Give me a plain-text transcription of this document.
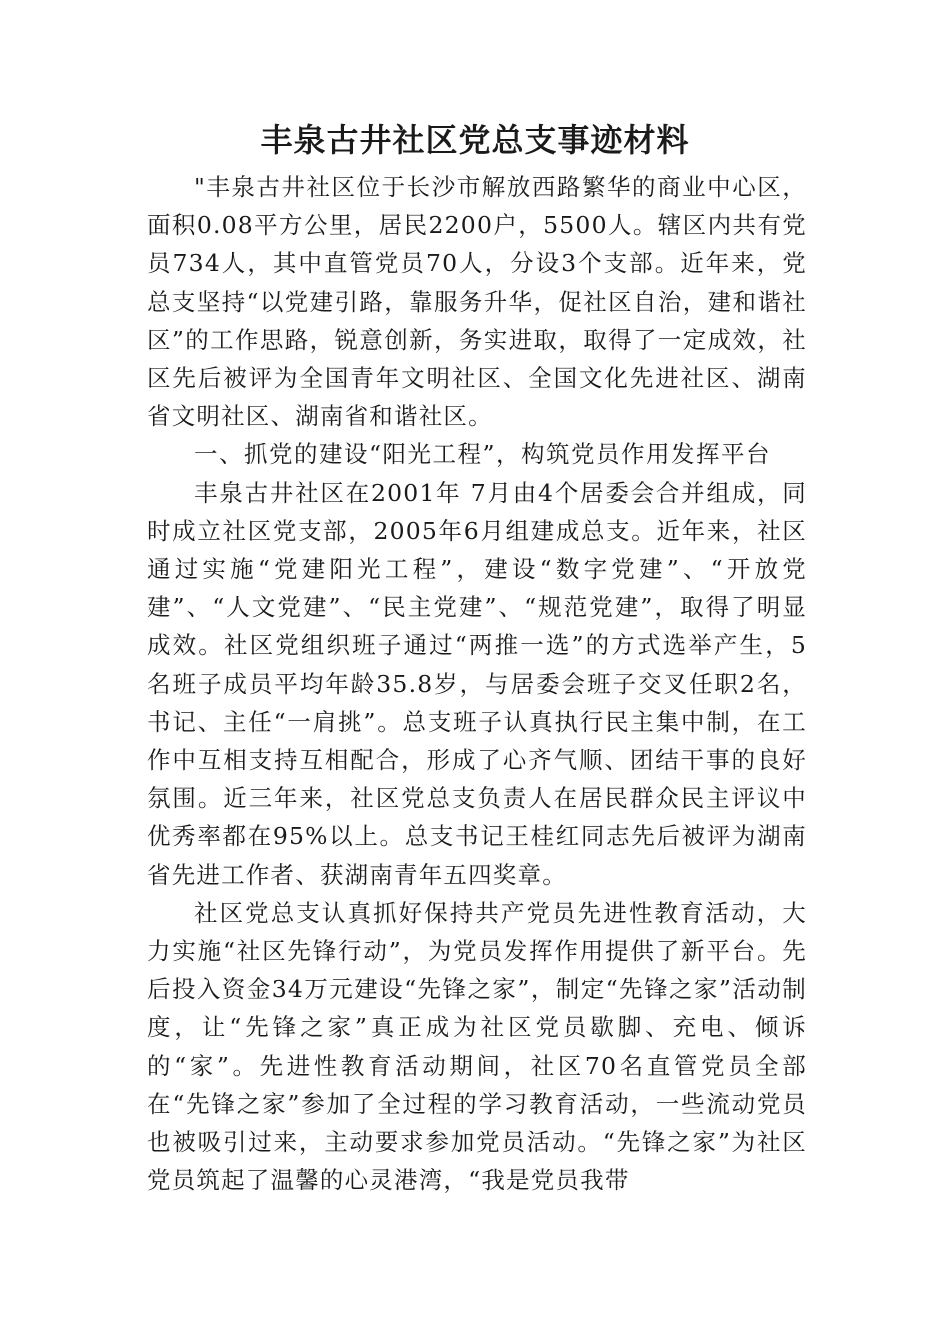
丰泉古井社区党总支事迹材料

"丰泉古井社区位于长沙市解放西路繁华的商业中心区，面积0.08平方公里，居民2200户，5500人。辖区内共有党员734人，其中直管党员70人，分设3个支部。近年来，党总支坚持“以党建引路，靠服务升华，促社区自治，建和谐社区”的工作思路，锐意创新，务实进取，取得了一定成效，社区先后被评为全国青年文明社区、全国文化先进社区、湖南省文明社区、湖南省和谐社区。

一、抓党的建设“阳光工程”，构筑党员作用发挥平台

丰泉古井社区在2001年 7月由4个居委会合并组成，同时成立社区党支部，2005年6月组建成总支。近年来，社区通过实施“党建阳光工程”，建设“数字党建”、“开放党建”、“人文党建”、“民主党建”、“规范党建”，取得了明显成效。社区党组织班子通过“两推一选”的方式选举产生，5名班子成员平均年龄35.8岁，与居委会班子交叉任职2名，书记、主任“一肩挑”。总支班子认真执行民主集中制，在工作中互相支持互相配合，形成了心齐气顺、团结干事的良好氛围。近三年来，社区党总支负责人在居民群众民主评议中优秀率都在95%以上。总支书记王桂红同志先后被评为湖南省先进工作者、获湖南青年五四奖章。

社区党总支认真抓好保持共产党员先进性教育活动，大力实施“社区先锋行动”，为党员发挥作用提供了新平台。先后投入资金34万元建设“先锋之家”，制定“先锋之家”活动制度，让“先锋之家”真正成为社区党员歇脚、充电、倾诉的“家”。先进性教育活动期间，社区70名直管党员全部在“先锋之家”参加了全过程的学习教育活动，一些流动党员也被吸引过来，主动要求参加党员活动。“先锋之家”为社区党员筑起了温馨的心灵港湾，“我是党员我带
